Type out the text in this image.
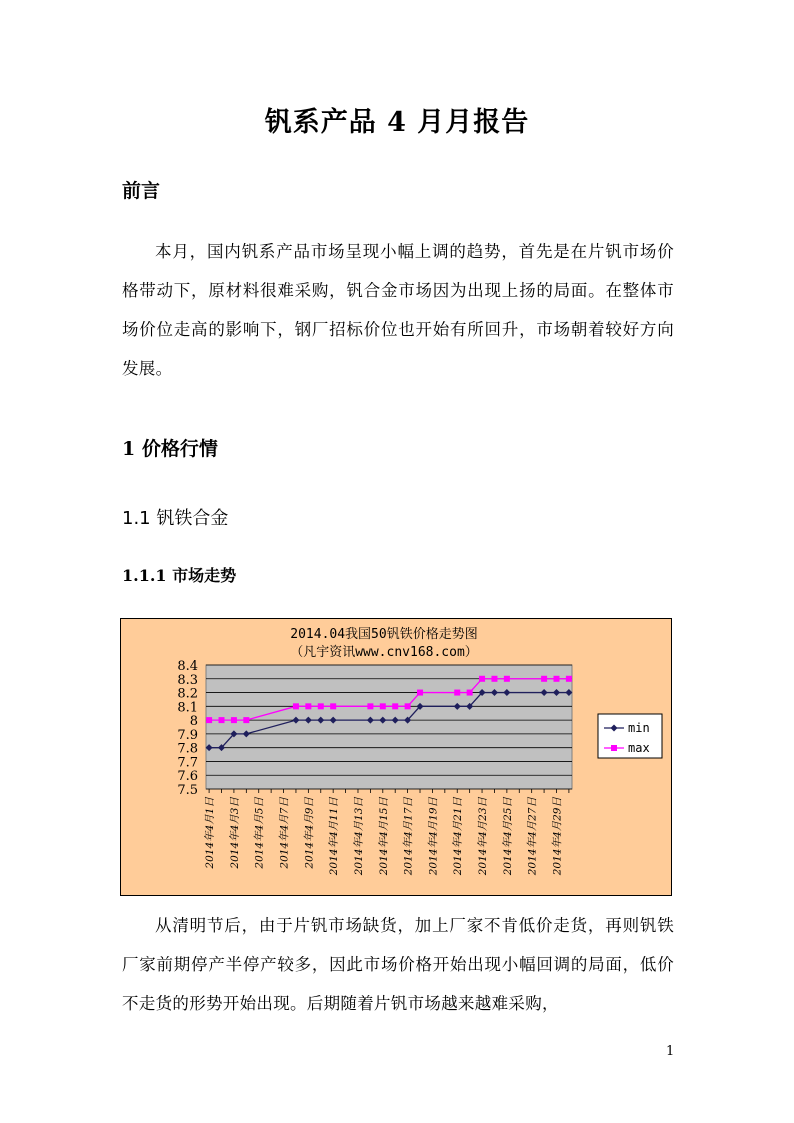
钒系产品 4 月月报告
前言
本月，国内钒系产品市场呈现小幅上调的趋势，首先是在片钒市场价格带动下，原材料很难采购，钒合金市场因为出现上扬的局面。在整体市场价位走高的影响下，钢厂招标价位也开始有所回升，市场朝着较好方向发展。
1 价格行情
1.1 钒铁合金
1.1.1 市场走势
2014.04我国50钒铁价格走势图
（凡宇资讯www.cnv168.com）
8.4
8.3
8.2
8.1
8
7.9
7.8
7.7
7.6
7.5
2014年4月1日 2014年4月3日 2014年4月5日 2014年4月7日 2014年4月9日 2014年4月11日 2014年4月13日 2014年4月15日 2014年4月17日 2014年4月19日 2014年4月21日 2014年4月23日 2014年4月25日 2014年4月27日 2014年4月29日
min
max
从清明节后，由于片钒市场缺货，加上厂家不肯低价走货，再则钒铁厂家前期停产半停产较多，因此市场价格开始出现小幅回调的局面，低价不走货的形势开始出现。后期随着片钒市场越来越难采购，
1
